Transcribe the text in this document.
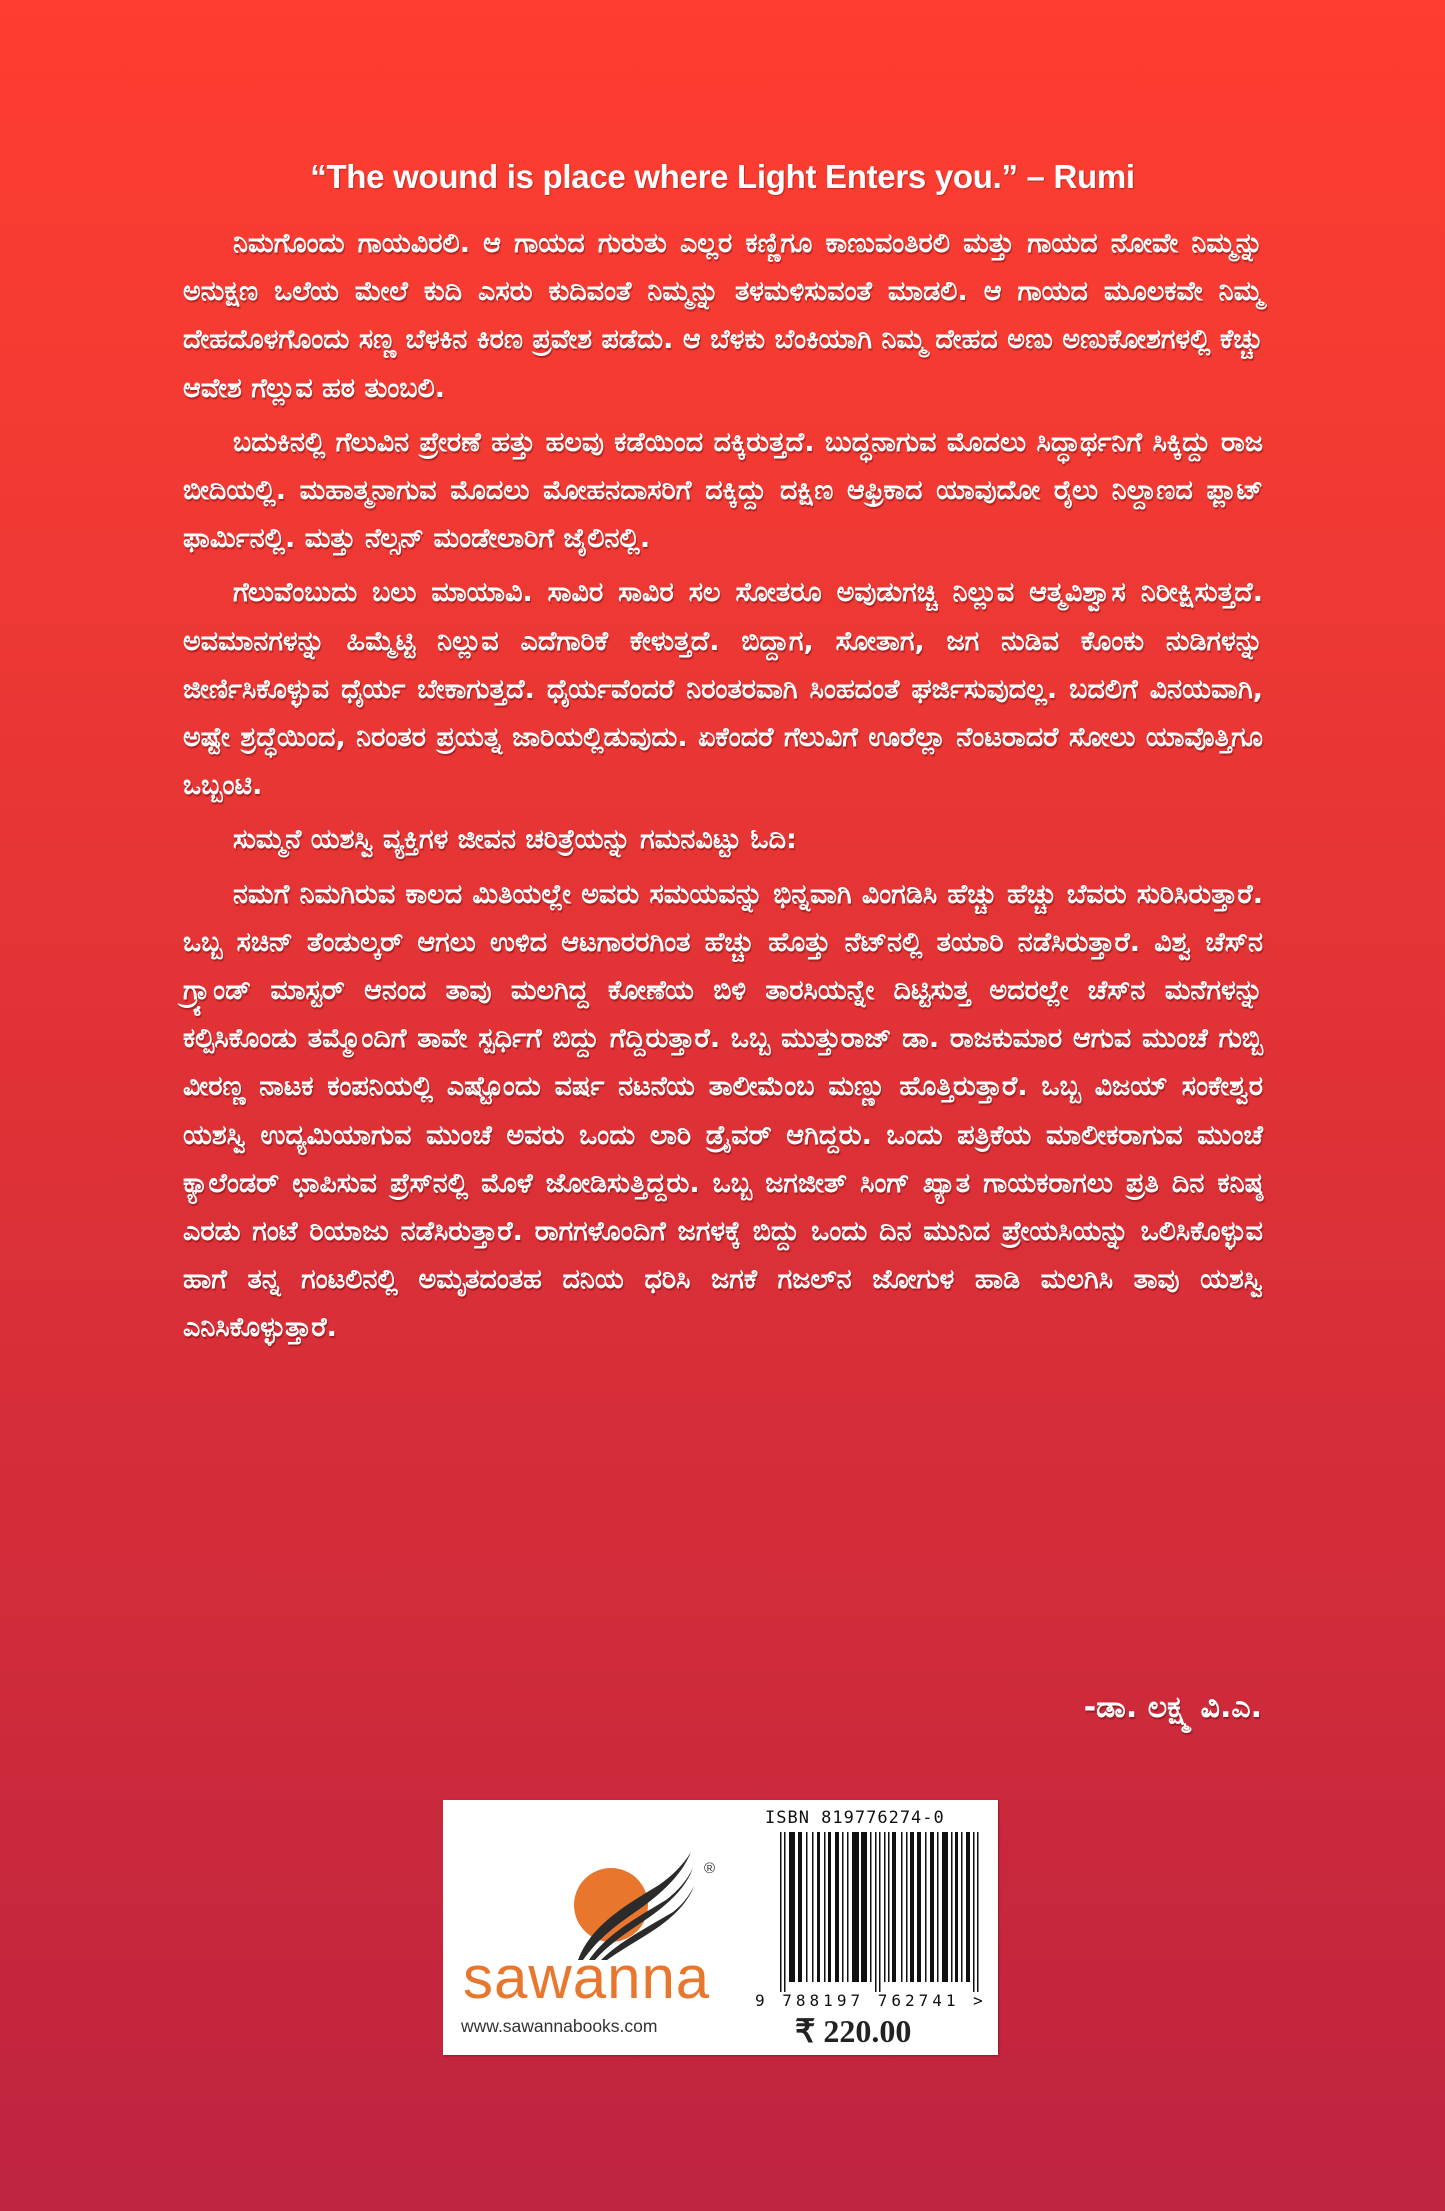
“The wound is place where Light Enters you.” – Rumi

ನಿಮಗೊಂದು ಗಾಯವಿರಲಿ. ಆ ಗಾಯದ ಗುರುತು ಎಲ್ಲರ ಕಣ್ಣಿಗೂ ಕಾಣುವಂತಿರಲಿ ಮತ್ತು ಗಾಯದ ನೋವೇ ನಿಮ್ಮನ್ನು ಅನುಕ್ಷಣ ಒಲೆಯ ಮೇಲೆ ಕುದಿ ಎಸರು ಕುದಿವಂತೆ ನಿಮ್ಮನ್ನು ತಳಮಳಿಸುವಂತೆ ಮಾಡಲಿ. ಆ ಗಾಯದ ಮೂಲಕವೇ ನಿಮ್ಮ ದೇಹದೊಳಗೊಂದು ಸಣ್ಣ ಬೆಳಕಿನ ಕಿರಣ ಪ್ರವೇಶ ಪಡೆದು. ಆ ಬೆಳಕು ಬೆಂಕಿಯಾಗಿ ನಿಮ್ಮ ದೇಹದ ಅಣು ಅಣುಕೋಶಗಳಲ್ಲಿ ಕೆಚ್ಚು ಆವೇಶ ಗೆಲ್ಲುವ ಹಠ ತುಂಬಲಿ.

ಬದುಕಿನಲ್ಲಿ ಗೆಲುವಿನ ಪ್ರೇರಣೆ ಹತ್ತು ಹಲವು ಕಡೆಯಿಂದ ದಕ್ಕಿರುತ್ತದೆ. ಬುದ್ಧನಾಗುವ ಮೊದಲು ಸಿದ್ಧಾರ್ಥನಿಗೆ ಸಿಕ್ಕಿದ್ದು ರಾಜ ಬೀದಿಯಲ್ಲಿ. ಮಹಾತ್ಮನಾಗುವ ಮೊದಲು ಮೋಹನದಾಸರಿಗೆ ದಕ್ಕಿದ್ದು ದಕ್ಷಿಣ ಆಫ್ರಿಕಾದ ಯಾವುದೋ ರೈಲು ನಿಲ್ದಾಣದ ಫ್ಲಾಟ್ ಫಾರ್ಮಿನಲ್ಲಿ. ಮತ್ತು ನೆಲ್ಸನ್ ಮಂಡೇಲಾರಿಗೆ ಜೈಲಿನಲ್ಲಿ.

ಗೆಲುವೆಂಬುದು ಬಲು ಮಾಯಾವಿ. ಸಾವಿರ ಸಾವಿರ ಸಲ ಸೋತರೂ ಅವುಡುಗಚ್ಚಿ ನಿಲ್ಲುವ ಆತ್ಮವಿಶ್ವಾಸ ನಿರೀಕ್ಷಿಸುತ್ತದೆ. ಅವಮಾನಗಳನ್ನು ಹಿಮ್ಮೆಟ್ಟಿ ನಿಲ್ಲುವ ಎದೆಗಾರಿಕೆ ಕೇಳುತ್ತದೆ. ಬಿದ್ದಾಗ, ಸೋತಾಗ, ಜಗ ನುಡಿವ ಕೊಂಕು ನುಡಿಗಳನ್ನು ಜೀರ್ಣಿಸಿಕೊಳ್ಳುವ ಧೈರ್ಯ ಬೇಕಾಗುತ್ತದೆ. ಧೈರ್ಯವೆಂದರೆ ನಿರಂತರವಾಗಿ ಸಿಂಹದಂತೆ ಘರ್ಜಿಸುವುದಲ್ಲ. ಬದಲಿಗೆ ವಿನಯವಾಗಿ, ಅಷ್ಟೇ ಶ್ರದ್ಧೆಯಿಂದ, ನಿರಂತರ ಪ್ರಯತ್ನ ಜಾರಿಯಲ್ಲಿಡುವುದು. ಏಕೆಂದರೆ ಗೆಲುವಿಗೆ ಊರೆಲ್ಲಾ ನೆಂಟರಾದರೆ ಸೋಲು ಯಾವೊತ್ತಿಗೂ ಒಬ್ಬಂಟಿ.

ಸುಮ್ಮನೆ ಯಶಸ್ವಿ ವ್ಯಕ್ತಿಗಳ ಜೀವನ ಚರಿತ್ರೆಯನ್ನು ಗಮನವಿಟ್ಟು ಓದಿ:

ನಮಗೆ ನಿಮಗಿರುವ ಕಾಲದ ಮಿತಿಯಲ್ಲೇ ಅವರು ಸಮಯವನ್ನು ಭಿನ್ನವಾಗಿ ವಿಂಗಡಿಸಿ ಹೆಚ್ಚು ಹೆಚ್ಚು ಬೆವರು ಸುರಿಸಿರುತ್ತಾರೆ. ಒಬ್ಬ ಸಚಿನ್ ತೆಂಡುಲ್ಕರ್ ಆಗಲು ಉಳಿದ ಆಟಗಾರರಗಿಂತ ಹೆಚ್ಚು ಹೊತ್ತು ನೆಟ್‌ನಲ್ಲಿ ತಯಾರಿ ನಡೆಸಿರುತ್ತಾರೆ. ವಿಶ್ವ ಚೆಸ್‌ನ ಗ್ರ್ಯಾಂಡ್ ಮಾಸ್ಟರ್ ಆನಂದ ತಾವು ಮಲಗಿದ್ದ ಕೋಣೆಯ ಬಿಳಿ ತಾರಸಿಯನ್ನೇ ದಿಟ್ಟಿಸುತ್ತ ಅದರಲ್ಲೇ ಚೆಸ್‌ನ ಮನೆಗಳನ್ನು ಕಲ್ಪಿಸಿಕೊಂಡು ತಮ್ಮೊಂದಿಗೆ ತಾವೇ ಸ್ಪರ್ಧಿಗೆ ಬಿದ್ದು ಗೆದ್ದಿರುತ್ತಾರೆ. ಒಬ್ಬ ಮುತ್ತುರಾಜ್ ಡಾ. ರಾಜಕುಮಾರ ಆಗುವ ಮುಂಚೆ ಗುಬ್ಬಿ ವೀರಣ್ಣ ನಾಟಕ ಕಂಪನಿಯಲ್ಲಿ ಎಷ್ಟೊಂದು ವರ್ಷ ನಟನೆಯ ತಾಲೀಮೆಂಬ ಮಣ್ಣು ಹೊತ್ತಿರುತ್ತಾರೆ. ಒಬ್ಬ ವಿಜಯ್ ಸಂಕೇಶ್ವರ ಯಶಸ್ವಿ ಉದ್ಯಮಿಯಾಗುವ ಮುಂಚೆ ಅವರು ಒಂದು ಲಾರಿ ಡ್ರೈವರ್ ಆಗಿದ್ದರು. ಒಂದು ಪತ್ರಿಕೆಯ ಮಾಲೀಕರಾಗುವ ಮುಂಚೆ ಕ್ಯಾಲೆಂಡರ್ ಛಾಪಿಸುವ ಪ್ರೆಸ್‌ನಲ್ಲಿ ಮೊಳೆ ಜೋಡಿಸುತ್ತಿದ್ದರು. ಒಬ್ಬ ಜಗಜೀತ್ ಸಿಂಗ್ ಖ್ಯಾತ ಗಾಯಕರಾಗಲು ಪ್ರತಿ ದಿನ ಕನಿಷ್ಠ ಎರಡು ಗಂಟೆ ರಿಯಾಜು ನಡೆಸಿರುತ್ತಾರೆ. ರಾಗಗಳೊಂದಿಗೆ ಜಗಳಕ್ಕೆ ಬಿದ್ದು ಒಂದು ದಿನ ಮುನಿದ ಪ್ರೇಯಸಿಯನ್ನು ಒಲಿಸಿಕೊಳ್ಳುವ ಹಾಗೆ ತನ್ನ ಗಂಟಲಿನಲ್ಲಿ ಅಮೃತದಂತಹ ದನಿಯ ಧರಿಸಿ ಜಗಕೆ ಗಜಲ್‌ನ ಜೋಗುಳ ಹಾಡಿ ಮಲಗಿಸಿ ತಾವು ಯಶಸ್ವಿ ಎನಿಸಿಕೊಳ್ಳುತ್ತಾರೆ.

-ಡಾ. ಲಕ್ಷ್ಮ ವಿ.ಎ.
®
sawanna
www.sawannabooks.com
ISBN 819776274-0
9 788197 762741 >
₹ 220.00
